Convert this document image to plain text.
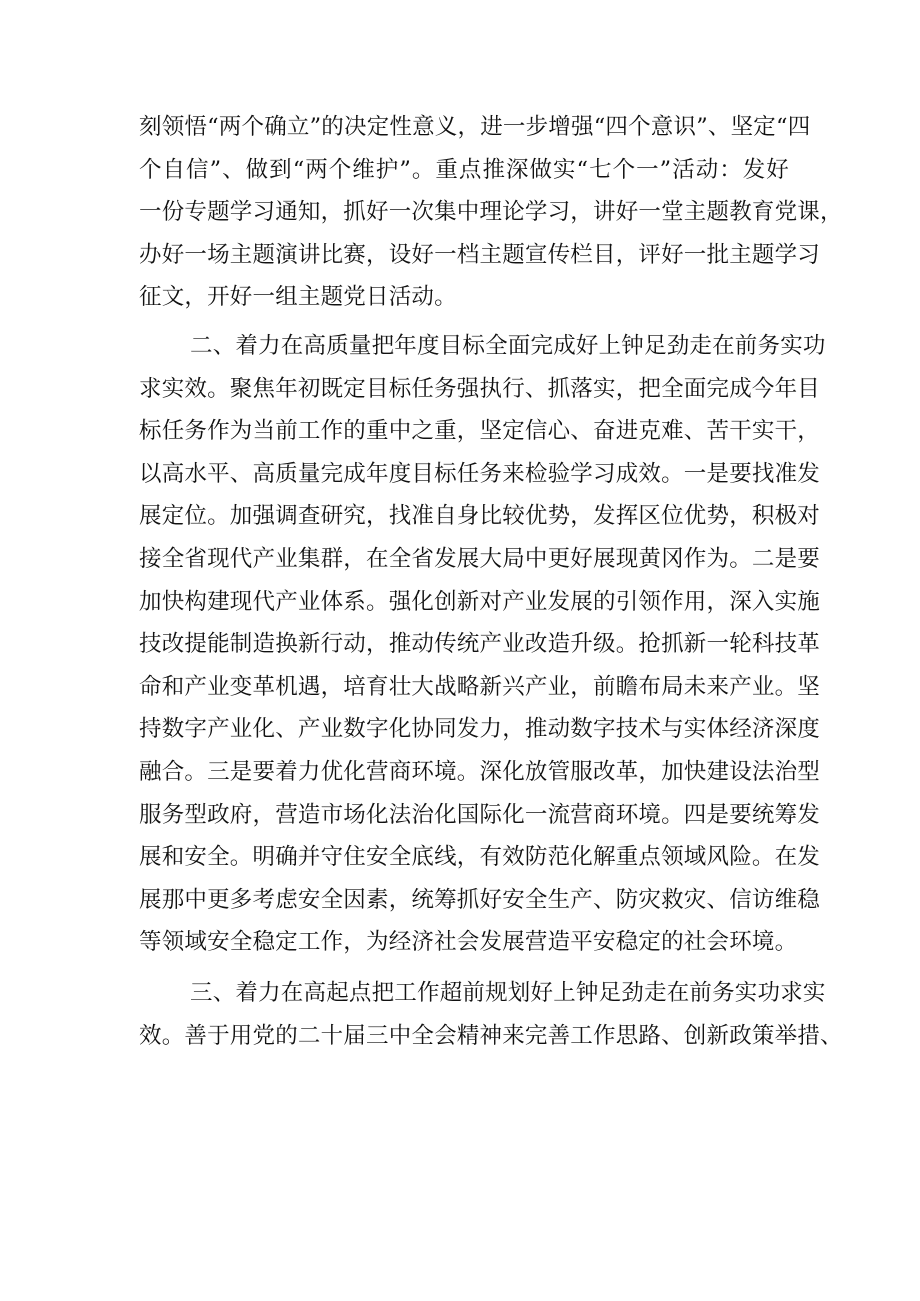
刻领悟“两个确立”的决定性意义，进一步增强“四个意识”、坚定“四
个自信”、做到“两个维护”。重点推深做实“七个一”活动：发好
一份专题学习通知，抓好一次集中理论学习，讲好一堂主题教育党课，
办好一场主题演讲比赛，设好一档主题宣传栏目，评好一批主题学习
征文，开好一组主题党日活动。
二、着力在高质量把年度目标全面完成好上钟足劲走在前务实功
求实效。聚焦年初既定目标任务强执行、抓落实，把全面完成今年目
标任务作为当前工作的重中之重，坚定信心、奋进克难、苦干实干，
以高水平、高质量完成年度目标任务来检验学习成效。一是要找准发
展定位。加强调查研究，找准自身比较优势，发挥区位优势，积极对
接全省现代产业集群，在全省发展大局中更好展现黄冈作为。二是要
加快构建现代产业体系。强化创新对产业发展的引领作用，深入实施
技改提能制造换新行动，推动传统产业改造升级。抢抓新一轮科技革
命和产业变革机遇，培育壮大战略新兴产业，前瞻布局未来产业。坚
持数字产业化、产业数字化协同发力，推动数字技术与实体经济深度
融合。三是要着力优化营商环境。深化放管服改革，加快建设法治型
服务型政府，营造市场化法治化国际化一流营商环境。四是要统筹发
展和安全。明确并守住安全底线，有效防范化解重点领域风险。在发
展那中更多考虑安全因素，统筹抓好安全生产、防灾救灾、信访维稳
等领域安全稳定工作，为经济社会发展营造平安稳定的社会环境。
三、着力在高起点把工作超前规划好上钟足劲走在前务实功求实
效。善于用党的二十届三中全会精神来完善工作思路、创新政策举措、
